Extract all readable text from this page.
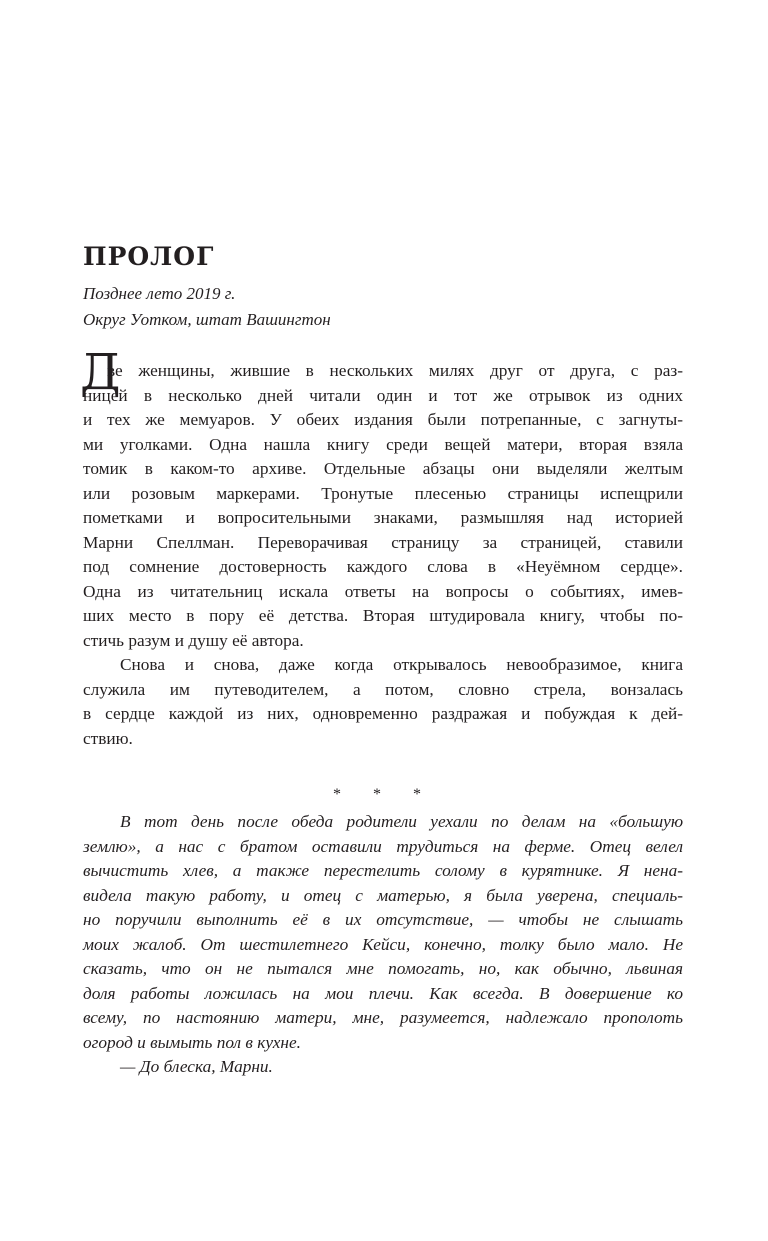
ПРОЛОГ
Позднее лето 2019 г.
Округ Уотком, штат Вашингтон
Д
ве женщины, жившие в нескольких милях друг от друга, с раз-
ницей в несколько дней читали один и тот же отрывок из одних
и тех же мемуаров. У обеих издания были потрепанные, с загнуты-
ми уголками. Одна нашла книгу среди вещей матери, вторая взяла
томик в каком-то архиве. Отдельные абзацы они выделяли желтым
или розовым маркерами. Тронутые плесенью страницы испещрили
пометками и вопросительными знаками, размышляя над историей
Марни Спеллман. Переворачивая страницу за страницей, ставили
под сомнение достоверность каждого слова в «Неуёмном сердце».
Одна из читательниц искала ответы на вопросы о событиях, имев-
ших место в пору её детства. Вторая штудировала книгу, чтобы по-
стичь разум и душу её автора.
Снова и снова, даже когда открывалось невообразимое, книга
служила им путеводителем, а потом, словно стрела, вонзалась
в сердце каждой из них, одновременно раздражая и побуждая к дей-
ствию.
* * *
В тот день после обеда родители уехали по делам на «большую
землю», а нас с братом оставили трудиться на ферме. Отец велел
вычистить хлев, а также перестелить солому в курятнике. Я нена-
видела такую работу, и отец с матерью, я была уверена, специаль-
но поручили выполнить её в их отсутствие, — чтобы не слышать
моих жалоб. От шестилетнего Кейси, конечно, толку было мало. Не
сказать, что он не пытался мне помогать, но, как обычно, львиная
доля работы ложилась на мои плечи. Как всегда. В довершение ко
всему, по настоянию матери, мне, разумеется, надлежало прополоть
огород и вымыть пол в кухне.
— До блеска, Марни.
